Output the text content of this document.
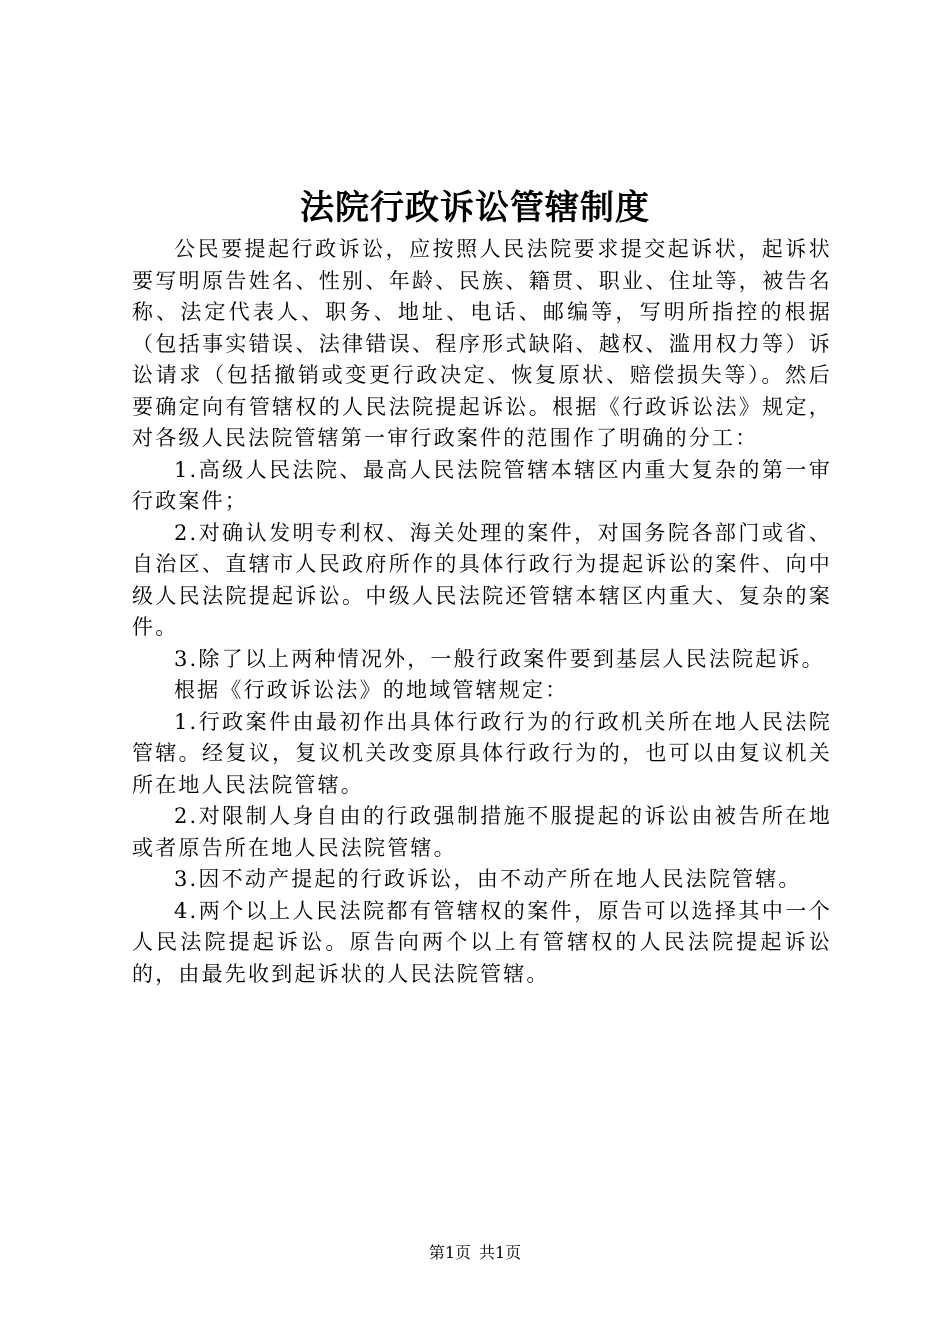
法院行政诉讼管辖制度

公民要提起行政诉讼，应按照人民法院要求提交起诉状，起诉状要写明原告姓名、性别、年龄、民族、籍贯、职业、住址等，被告名称、法定代表人、职务、地址、电话、邮编等，写明所指控的根据（包括事实错误、法律错误、程序形式缺陷、越权、滥用权力等）诉讼请求（包括撤销或变更行政决定、恢复原状、赔偿损失等）。然后要确定向有管辖权的人民法院提起诉讼。根据《行政诉讼法》规定，对各级人民法院管辖第一审行政案件的范围作了明确的分工：

1.高级人民法院、最高人民法院管辖本辖区内重大复杂的第一审行政案件；

2.对确认发明专利权、海关处理的案件，对国务院各部门或省、自治区、直辖市人民政府所作的具体行政行为提起诉讼的案件、向中级人民法院提起诉讼。中级人民法院还管辖本辖区内重大、复杂的案件。

3.除了以上两种情况外，一般行政案件要到基层人民法院起诉。

根据《行政诉讼法》的地域管辖规定：

1.行政案件由最初作出具体行政行为的行政机关所在地人民法院管辖。经复议，复议机关改变原具体行政行为的，也可以由复议机关所在地人民法院管辖。

2.对限制人身自由的行政强制措施不服提起的诉讼由被告所在地或者原告所在地人民法院管辖。

3.因不动产提起的行政诉讼，由不动产所在地人民法院管辖。

4.两个以上人民法院都有管辖权的案件，原告可以选择其中一个人民法院提起诉讼。原告向两个以上有管辖权的人民法院提起诉讼的，由最先收到起诉状的人民法院管辖。

第1页 共1页
